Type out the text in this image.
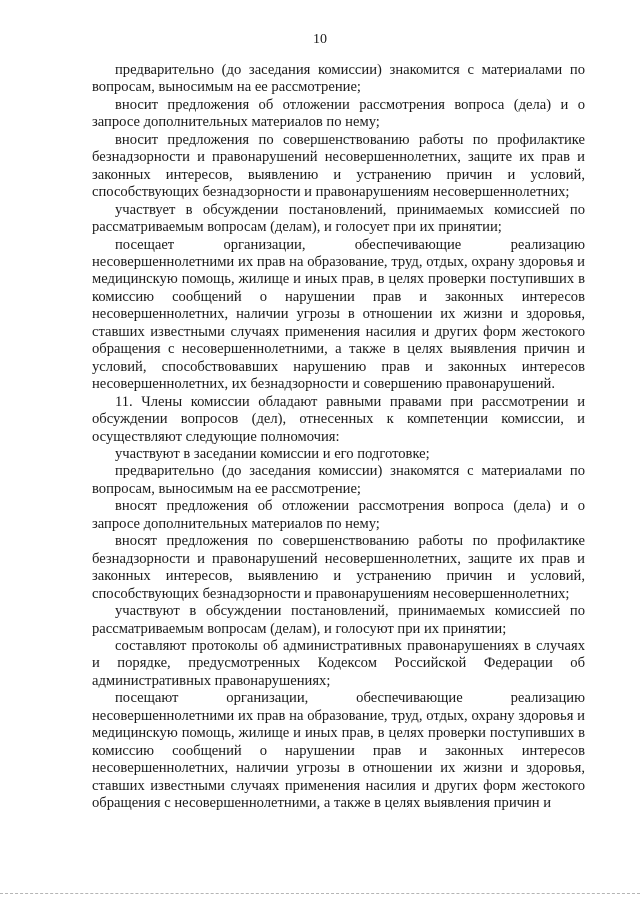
10

предварительно (до заседания комиссии) знакомится с материалами по вопросам, выносимым на ее рассмотрение;

вносит предложения об отложении рассмотрения вопроса (дела) и о запросе дополнительных материалов по нему;

вносит предложения по совершенствованию работы по профилактике безнадзорности и правонарушений несовершеннолетних, защите их прав и законных интересов, выявлению и устранению причин и условий, способствующих безнадзорности и правонарушениям несовершеннолетних;

участвует в обсуждении постановлений, принимаемых комиссией по рассматриваемым вопросам (делам), и голосует при их принятии;

посещает организации, обеспечивающие реализацию несовершеннолетними их прав на образование, труд, отдых, охрану здоровья и медицинскую помощь, жилище и иных прав, в целях проверки поступивших в комиссию сообщений о нарушении прав и законных интересов несовершеннолетних, наличии угрозы в отношении их жизни и здоровья, ставших известными случаях применения насилия и других форм жестокого обращения с несовершеннолетними, а также в целях выявления причин и условий, способствовавших нарушению прав и законных интересов несовершеннолетних, их безнадзорности и совершению правонарушений.

11. Члены комиссии обладают равными правами при рассмотрении и обсуждении вопросов (дел), отнесенных к компетенции комиссии, и осуществляют следующие полномочия:

участвуют в заседании комиссии и его подготовке;

предварительно (до заседания комиссии) знакомятся с материалами по вопросам, выносимым на ее рассмотрение;

вносят предложения об отложении рассмотрения вопроса (дела) и о запросе дополнительных материалов по нему;

вносят предложения по совершенствованию работы по профилактике безнадзорности и правонарушений несовершеннолетних, защите их прав и законных интересов, выявлению и устранению причин и условий, способствующих безнадзорности и правонарушениям несовершеннолетних;

участвуют в обсуждении постановлений, принимаемых комиссией по рассматриваемым вопросам (делам), и голосуют при их принятии;

составляют протоколы об административных правонарушениях в случаях и порядке, предусмотренных Кодексом Российской Федерации об административных правонарушениях;

посещают организации, обеспечивающие реализацию несовершеннолетними их прав на образование, труд, отдых, охрану здоровья и медицинскую помощь, жилище и иных прав, в целях проверки поступивших в комиссию сообщений о нарушении прав и законных интересов несовершеннолетних, наличии угрозы в отношении их жизни и здоровья, ставших известными случаях применения насилия и других форм жестокого обращения с несовершеннолетними, а также в целях выявления причин и
